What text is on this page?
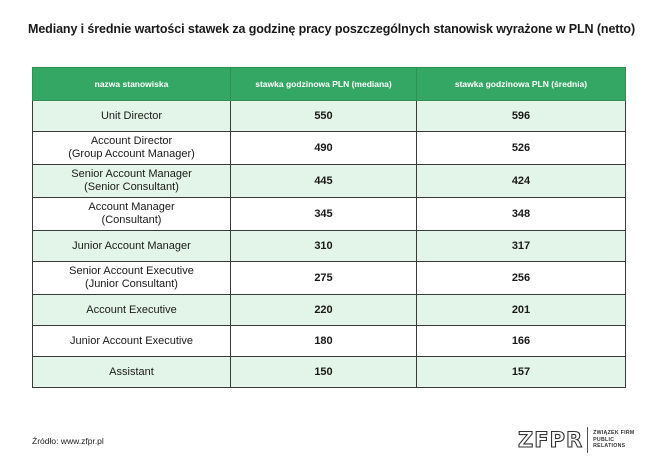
Mediany i średnie wartości stawek za godzinę pracy poszczególnych stanowisk wyrażone w PLN (netto)
nazwa stanowiska	stawka godzinowa PLN (mediana)	stawka godzinowa PLN (średnia)
Unit Director	550	596

Account Director
(Group Account Manager)	490	526

Senior Account Manager
(Senior Consultant)	445	424

Account Manager
(Consultant)	345	348
Junior Account Manager	310	317

Senior Account Executive
(Junior Consultant)	275	256
Account Executive	220	201
Junior Account Executive	180	166
Assistant	150	157
Źródło: www.zfpr.pl	ZFPR ZWIĄZEK FIRM
PUBLIC
RELATIONS
